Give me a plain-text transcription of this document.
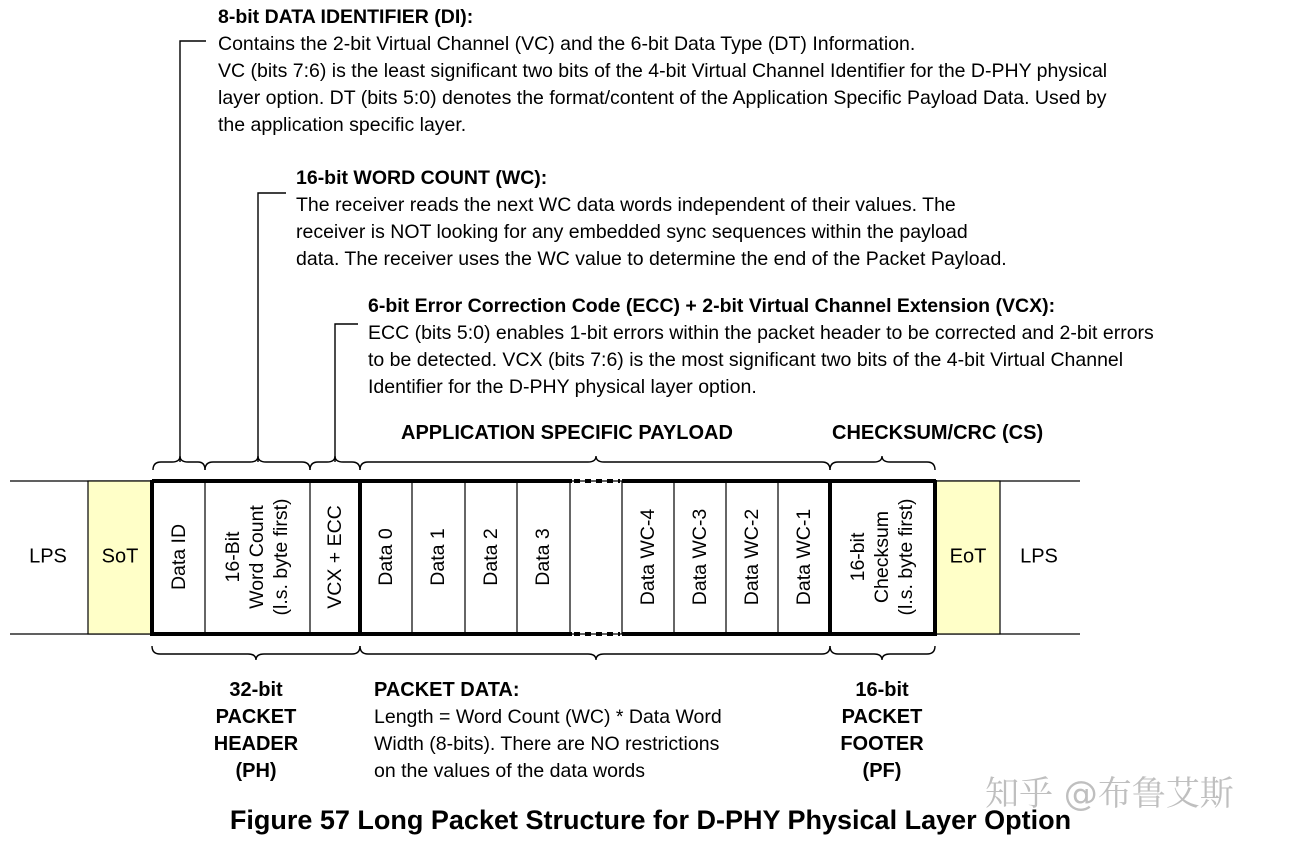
8-bit DATA IDENTIFIER (DI):
Contains the 2-bit Virtual Channel (VC) and the 6-bit Data Type (DT) Information.
VC (bits 7:6) is the least significant two bits of the 4-bit Virtual Channel Identifier for the D-PHY physical
layer option. DT (bits 5:0) denotes the format/content of the Application Specific Payload Data. Used by
the application specific layer.
16-bit WORD COUNT (WC):
The receiver reads the next WC data words independent of their values. The
receiver is NOT looking for any embedded sync sequences within the payload
data. The receiver uses the WC value to determine the end of the Packet Payload.
6-bit Error Correction Code (ECC) + 2-bit Virtual Channel Extension (VCX):
ECC (bits 5:0) enables 1-bit errors within the packet header to be corrected and 2-bit errors
to be detected. VCX (bits 7:6) is the most significant two bits of the 4-bit Virtual Channel
Identifier for the D-PHY physical layer option.
APPLICATION SPECIFIC PAYLOAD	CHECKSUM/CRC (CS)
LPS SoT	EoT LPS
Data ID 16-Bit Word Count (l.s. byte first) VCX + ECC Data 0 Data 1 Data 2 Data 3	Data WC-4 Data WC-3 Data WC-2 Data WC-1 16-bit Checksum (l.s. byte first)
32-bit
PACKET
HEADER
(PH)
PACKET DATA:
Length = Word Count (WC) * Data Word
Width (8-bits). There are NO restrictions
on the values of the data words
16-bit
PACKET
FOOTER
(PF)
知乎 @布鲁艾斯
Figure 57 Long Packet Structure for D-PHY Physical Layer Option
